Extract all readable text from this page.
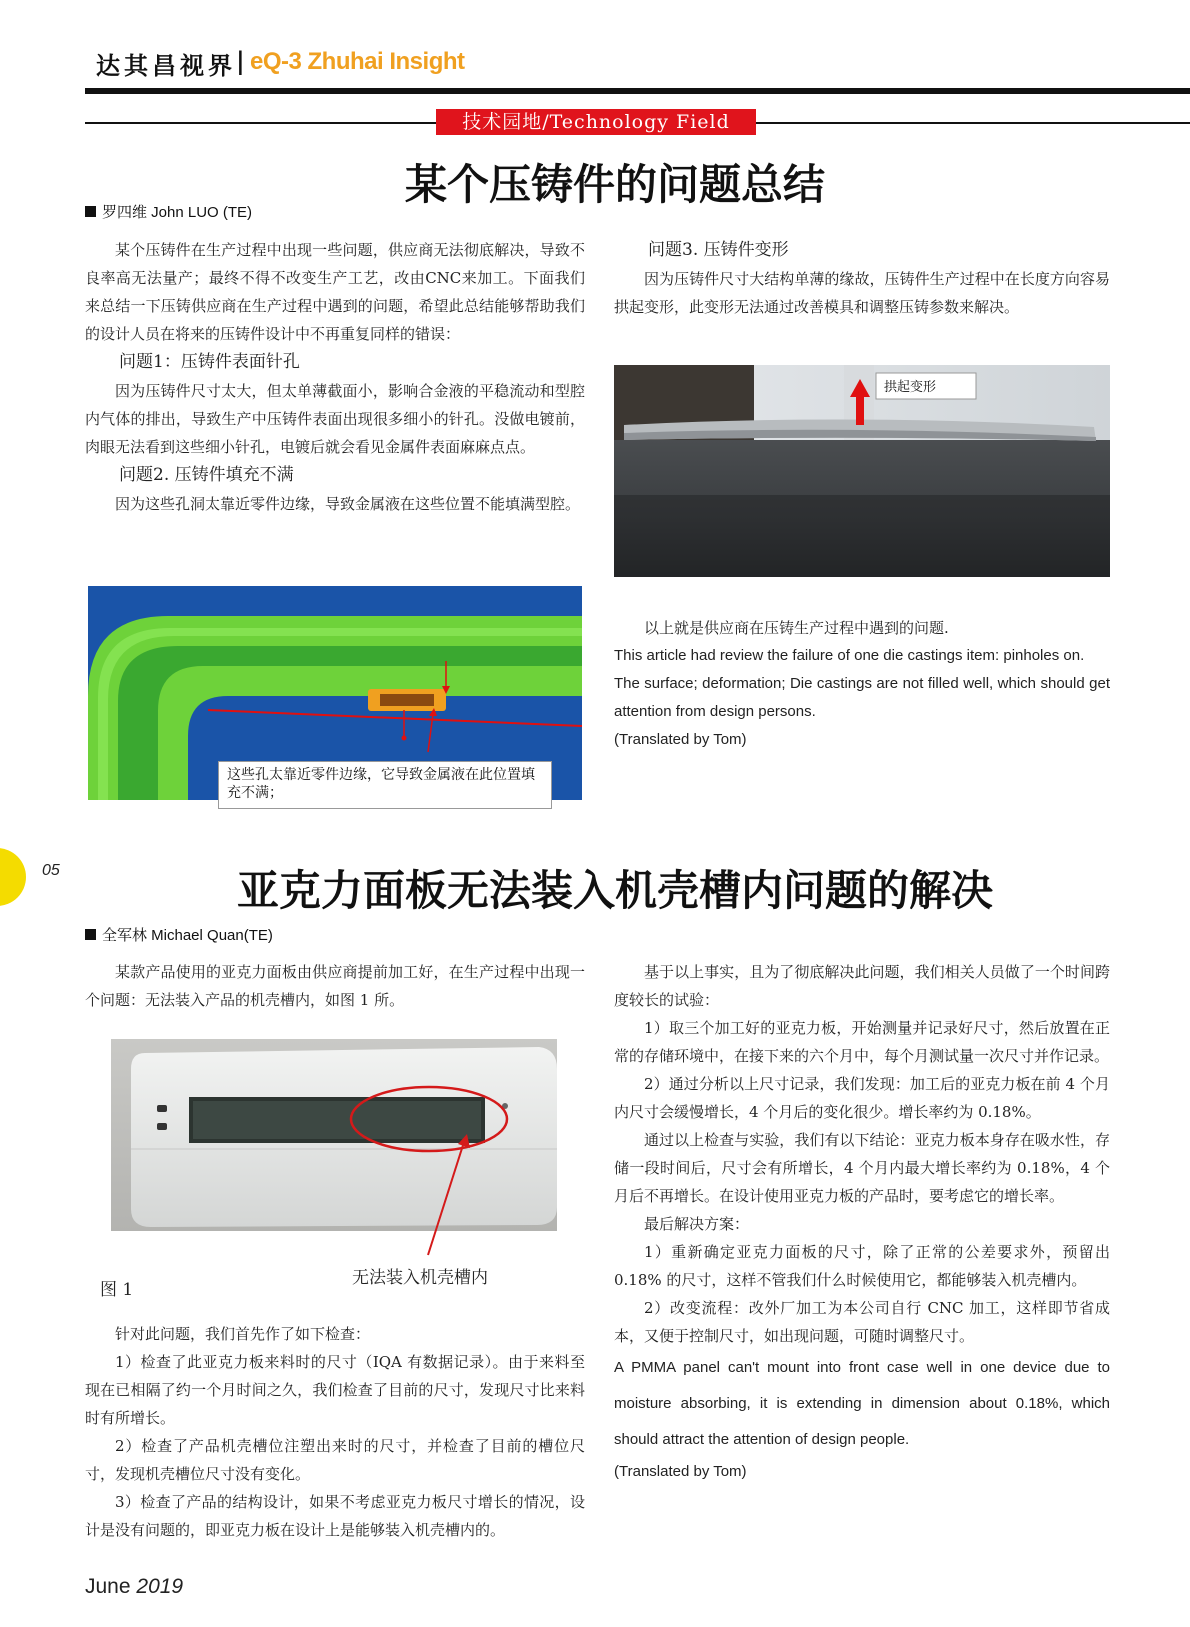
达其昌视界 | eQ-3 Zhuhai Insight
技术园地/Technology Field
某个压铸件的问题总结
罗四维 John LUO (TE)

某个压铸件在生产过程中出现一些问题，供应商无法彻底解决，导致不良率高无法量产；最终不得不改变生产工艺，改由CNC来加工。下面我们来总结一下压铸供应商在生产过程中遇到的问题，希望此总结能够帮助我们的设计人员在将来的压铸件设计中不再重复同样的错误：

问题1：压铸件表面针孔

因为压铸件尺寸太大，但太单薄截面小，影响合金液的平稳流动和型腔内气体的排出，导致生产中压铸件表面出现很多细小的针孔。没做电镀前，肉眼无法看到这些细小针孔，电镀后就会看见金属件表面麻麻点点。

问题2. 压铸件填充不满

因为这些孔洞太靠近零件边缘，导致金属液在这些位置不能填满型腔。

这些孔太靠近零件边缘，它导致金属液在此位置填充不满；

问题3. 压铸件变形

因为压铸件尺寸大结构单薄的缘故，压铸件生产过程中在长度方向容易拱起变形，此变形无法通过改善模具和调整压铸参数来解决。

拱起变形

以上就是供应商在压铸生产过程中遇到的问题.

This article had review the failure of one die castings item: pinholes on.

The surface; deformation; Die castings are not filled well, which should get attention from design persons.

(Translated by Tom)

05	亚克力面板无法装入机壳槽内问题的解决
全军林 Michael Quan(TE)

某款产品使用的亚克力面板由供应商提前加工好，在生产过程中出现一个问题：无法装入产品的机壳槽内，如图 1 所。

无法装入机壳槽内
图 1

针对此问题，我们首先作了如下检查：

1）检查了此亚克力板来料时的尺寸（IQA 有数据记录）。由于来料至现在已相隔了约一个月时间之久，我们检查了目前的尺寸，发现尺寸比来料时有所增长。

2）检查了产品机壳槽位注塑出来时的尺寸，并检查了目前的槽位尺寸，发现机壳槽位尺寸没有变化。

3）检查了产品的结构设计，如果不考虑亚克力板尺寸增长的情况，设计是没有问题的，即亚克力板在设计上是能够装入机壳槽内的。

基于以上事实，且为了彻底解决此问题，我们相关人员做了一个时间跨度较长的试验：

1）取三个加工好的亚克力板，开始测量并记录好尺寸，然后放置在正常的存储环境中，在接下来的六个月中，每个月测试量一次尺寸并作记录。

2）通过分析以上尺寸记录，我们发现：加工后的亚克力板在前 4 个月内尺寸会缓慢增长，4 个月后的变化很少。增长率约为 0.18%。

通过以上检查与实验，我们有以下结论：亚克力板本身存在吸水性，存储一段时间后，尺寸会有所增长，4 个月内最大增长率约为 0.18%，4 个月后不再增长。在设计使用亚克力板的产品时，要考虑它的增长率。

最后解决方案：

1）重新确定亚克力面板的尺寸，除了正常的公差要求外，预留出 0.18% 的尺寸，这样不管我们什么时候使用它，都能够装入机壳槽内。

2）改变流程：改外厂加工为本公司自行 CNC 加工，这样即节省成本，又便于控制尺寸，如出现问题，可随时调整尺寸。

A PMMA panel can't mount into front case well in one device due to moisture absorbing, it is extending in dimension about 0.18%, which should attract the attention of design people.

(Translated by Tom)

June 2019
